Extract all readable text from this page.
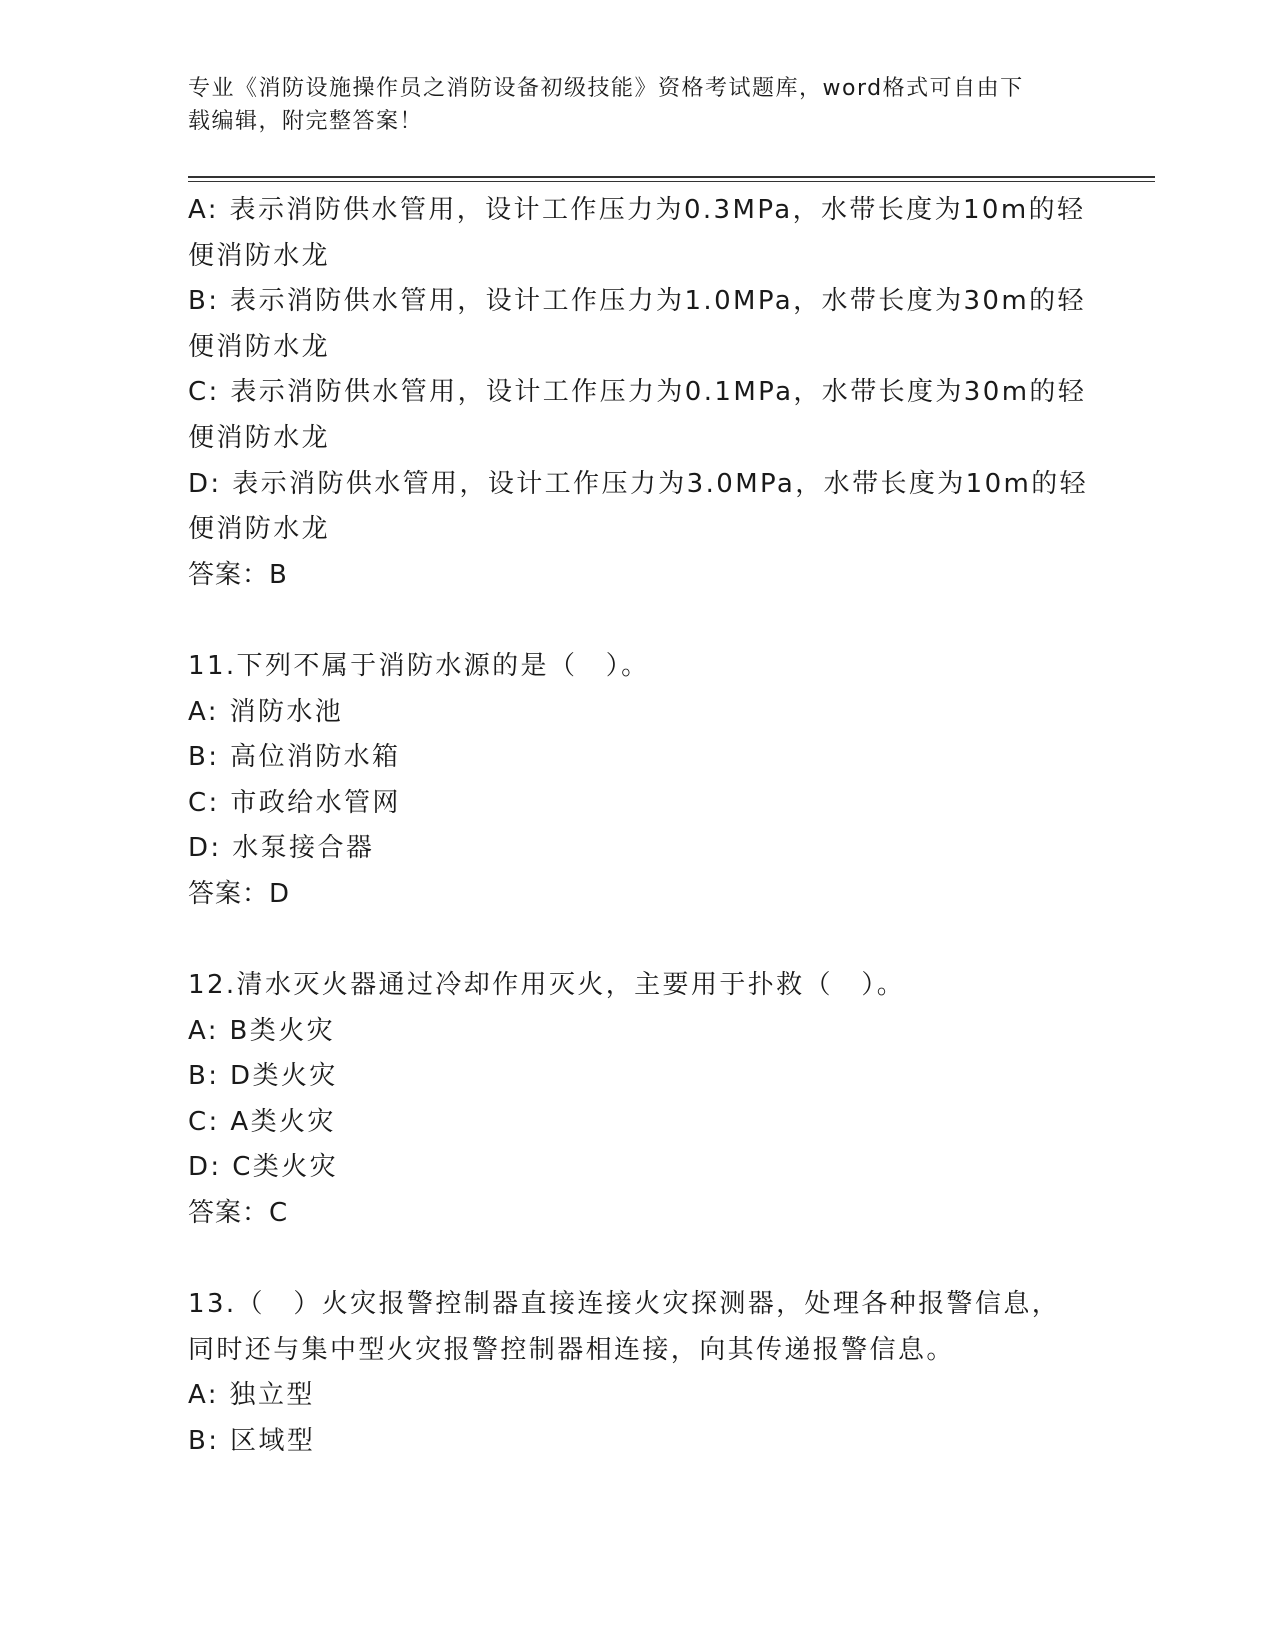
专业《消防设施操作员之消防设备初级技能》资格考试题库，word格式可自由下
载编辑，附完整答案！
A: 表示消防供水管用，设计工作压力为0.3MPa，水带长度为10m的轻
便消防水龙
B: 表示消防供水管用，设计工作压力为1.0MPa，水带长度为30m的轻
便消防水龙
C: 表示消防供水管用，设计工作压力为0.1MPa，水带长度为30m的轻
便消防水龙
D: 表示消防供水管用，设计工作压力为3.0MPa，水带长度为10m的轻
便消防水龙
答案：B
11.下列不属于消防水源的是（　）。
A: 消防水池
B: 高位消防水箱
C: 市政给水管网
D: 水泵接合器
答案：D
12.清水灭火器通过冷却作用灭火，主要用于扑救（　）。
A: B类火灾
B: D类火灾
C: A类火灾
D: C类火灾
答案：C
13.（　）火灾报警控制器直接连接火灾探测器，处理各种报警信息，
同时还与集中型火灾报警控制器相连接，向其传递报警信息。
A: 独立型
B: 区域型
